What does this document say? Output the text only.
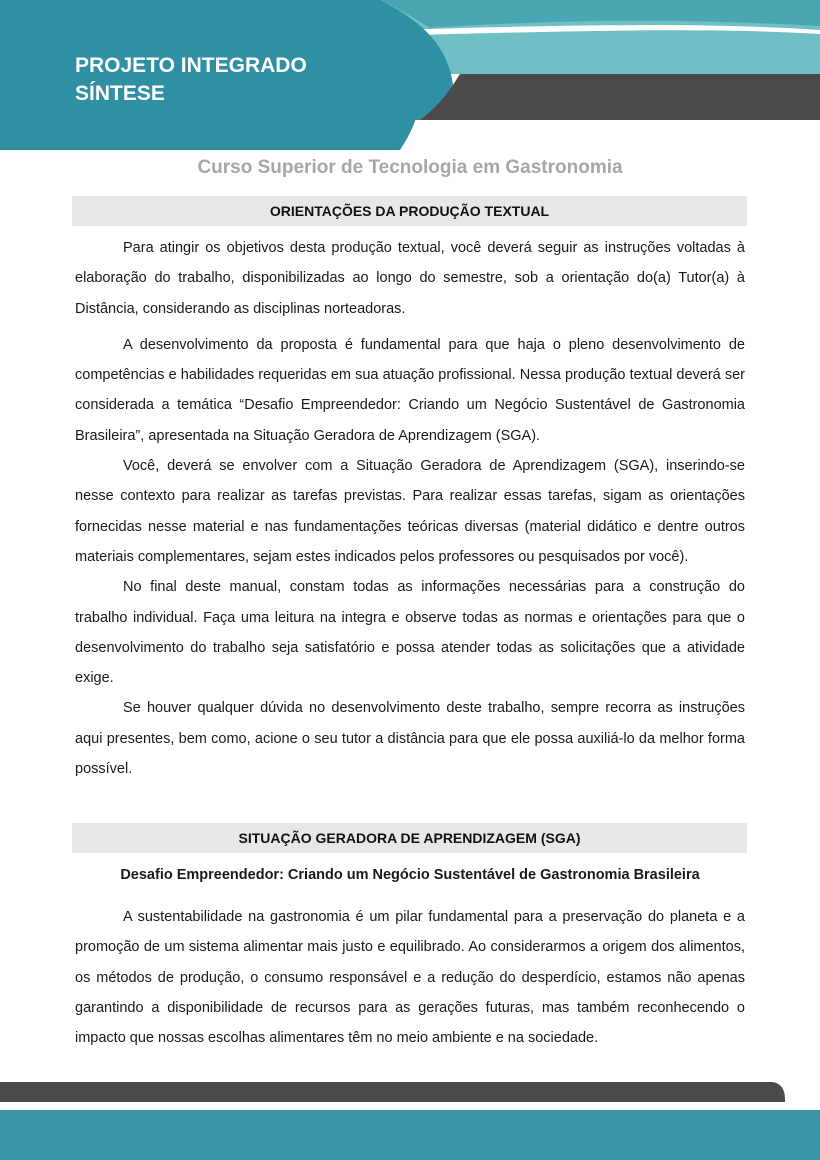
PROJETO INTEGRADO
SÍNTESE
Curso Superior de Tecnologia em Gastronomia
ORIENTAÇÕES DA PRODUÇÃO TEXTUAL

Para atingir os objetivos desta produção textual, você deverá seguir as instruções voltadas à elaboração do trabalho, disponibilizadas ao longo do semestre, sob a orientação do(a) Tutor(a) à Distância, considerando as disciplinas norteadoras.

A desenvolvimento da proposta é fundamental para que haja o pleno desenvolvimento de competências e habilidades requeridas em sua atuação profissional. Nessa produção textual deverá ser considerada a temática “Desafio Empreendedor: Criando um Negócio Sustentável de Gastronomia Brasileira”, apresentada na Situação Geradora de Aprendizagem (SGA).

Você, deverá se envolver com a Situação Geradora de Aprendizagem (SGA), inserindo-se nesse contexto para realizar as tarefas previstas. Para realizar essas tarefas, sigam as orientações fornecidas nesse material e nas fundamentações teóricas diversas (material didático e dentre outros materiais complementares, sejam estes indicados pelos professores ou pesquisados por você).

No final deste manual, constam todas as informações necessárias para a construção do trabalho individual. Faça uma leitura na integra e observe todas as normas e orientações para que o desenvolvimento do trabalho seja satisfatório e possa atender todas as solicitações que a atividade exige.

Se houver qualquer dúvida no desenvolvimento deste trabalho, sempre recorra as instruções aqui presentes, bem como, acione o seu tutor a distância para que ele possa auxiliá-lo da melhor forma possível.

SITUAÇÃO GERADORA DE APRENDIZAGEM (SGA)
Desafio Empreendedor: Criando um Negócio Sustentável de Gastronomia Brasileira

A sustentabilidade na gastronomia é um pilar fundamental para a preservação do planeta e a promoção de um sistema alimentar mais justo e equilibrado. Ao considerarmos a origem dos alimentos, os métodos de produção, o consumo responsável e a redução do desperdício, estamos não apenas garantindo a disponibilidade de recursos para as gerações futuras, mas também reconhecendo o impacto que nossas escolhas alimentares têm no meio ambiente e na sociedade.
